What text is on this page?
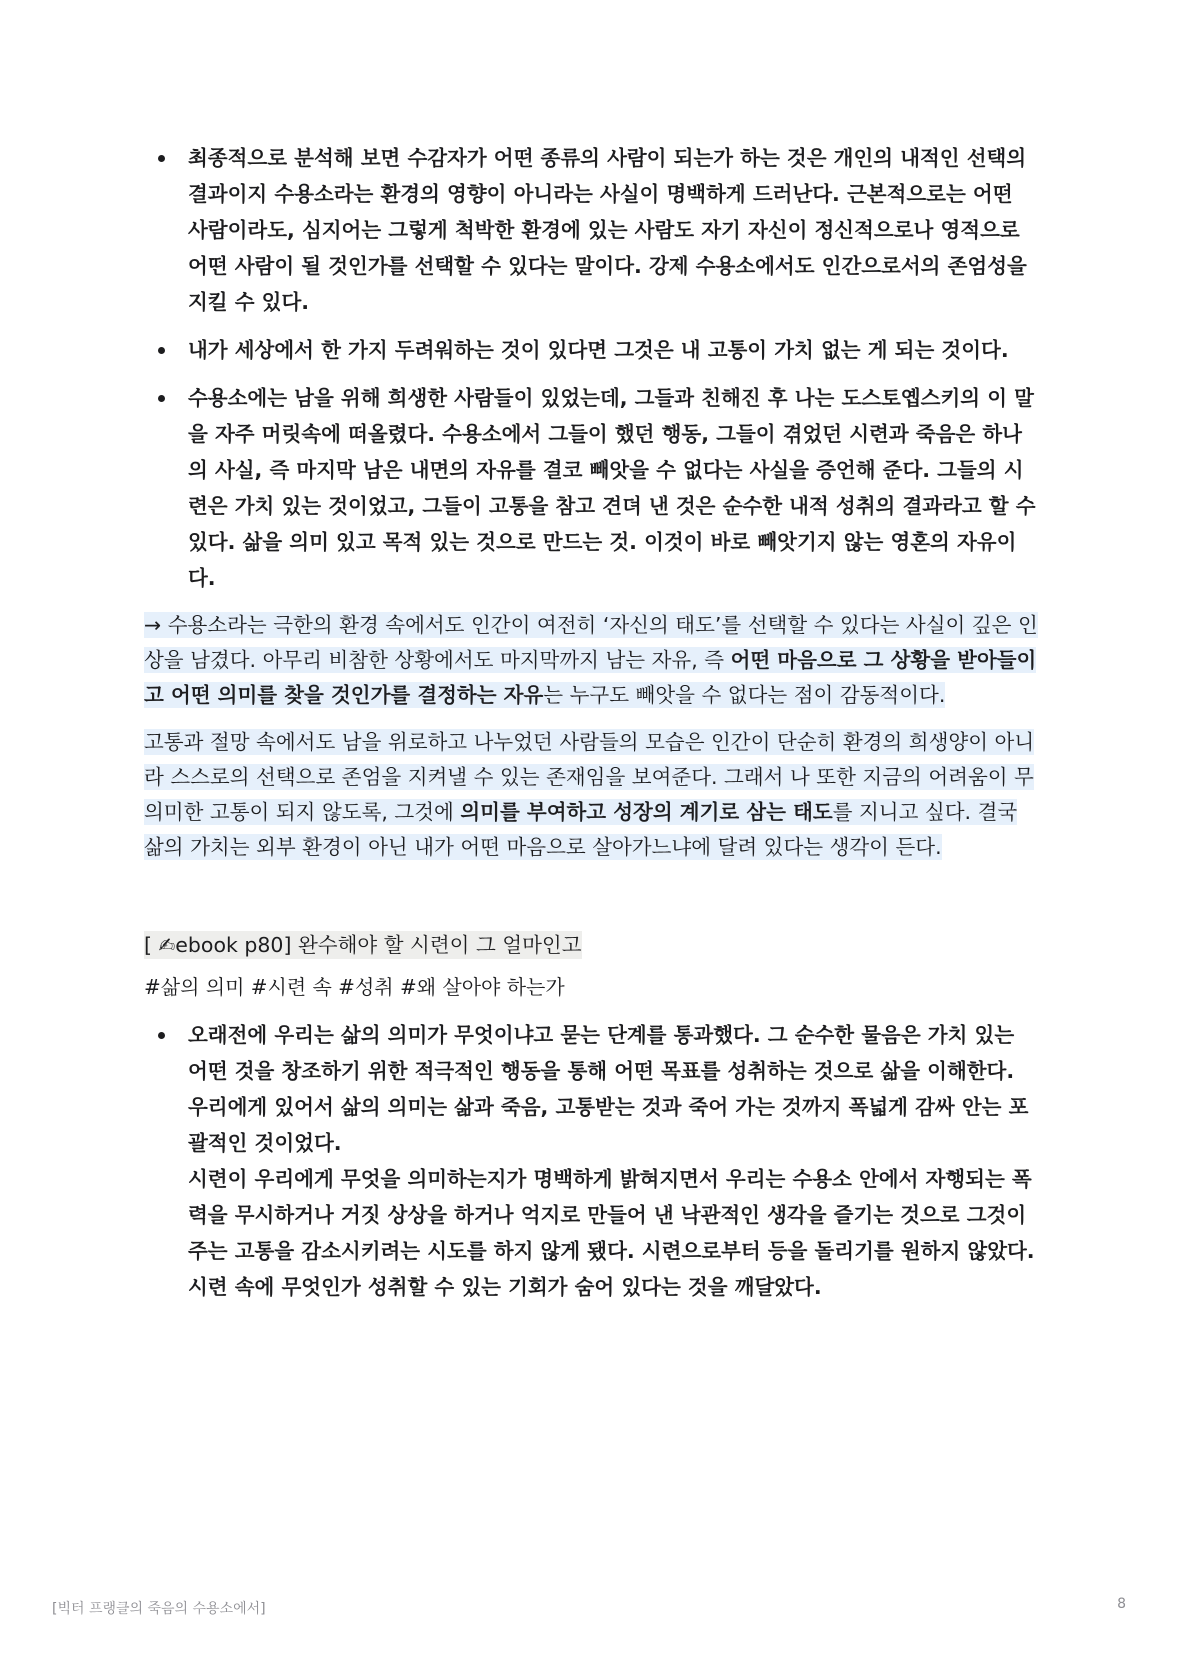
최종적으로 분석해 보면 수감자가 어떤 종류의 사람이 되는가 하는 것은 개인의 내적인 선택의 결과이지 수용소라는 환경의 영향이 아니라는 사실이 명백하게 드러난다. 근본적으로는 어떤 사람이라도, 심지어는 그렇게 척박한 환경에 있는 사람도 자기 자신이 정신적으로나 영적으로 어떤 사람이 될 것인가를 선택할 수 있다는 말이다. 강제 수용소에서도 인간으로서의 존엄성을 지킬 수 있다.

내가 세상에서 한 가지 두려워하는 것이 있다면 그것은 내 고통이 가치 없는 게 되는 것이다.

수용소에는 남을 위해 희생한 사람들이 있었는데, 그들과 친해진 후 나는 도스토옙스키의 이 말을 자주 머릿속에 떠올렸다. 수용소에서 그들이 했던 행동, 그들이 겪었던 시련과 죽음은 하나의 사실, 즉 마지막 남은 내면의 자유를 결코 빼앗을 수 없다는 사실을 증언해 준다. 그들의 시련은 가치 있는 것이었고, 그들이 고통을 참고 견뎌 낸 것은 순수한 내적 성취의 결과라고 할 수 있다. 삶을 의미 있고 목적 있는 것으로 만드는 것. 이것이 바로 빼앗기지 않는 영혼의 자유이다.

→ 수용소라는 극한의 환경 속에서도 인간이 여전히 ‘자신의 태도’를 선택할 수 있다는 사실이 깊은 인상을 남겼다. 아무리 비참한 상황에서도 마지막까지 남는 자유, 즉 어떤 마음으로 그 상황을 받아들이고 어떤 의미를 찾을 것인가를 결정하는 자유는 누구도 빼앗을 수 없다는 점이 감동적이다.

고통과 절망 속에서도 남을 위로하고 나누었던 사람들의 모습은 인간이 단순히 환경의 희생양이 아니라 스스로의 선택으로 존엄을 지켜낼 수 있는 존재임을 보여준다. 그래서 나 또한 지금의 어려움이 무의미한 고통이 되지 않도록, 그것에 의미를 부여하고 성장의 계기로 삼는 태도를 지니고 싶다. 결국 삶의 가치는 외부 환경이 아닌 내가 어떤 마음으로 살아가느냐에 달려 있다는 생각이 든다.

[ ✍ebook p80] 완수해야 할 시련이 그 얼마인고
#삶의 의미 #시련 속 #성취 #왜 살아야 하는가

오래전에 우리는 삶의 의미가 무엇이냐고 묻는 단계를 통과했다. 그 순수한 물음은 가치 있는 어떤 것을 창조하기 위한 적극적인 행동을 통해 어떤 목표를 성취하는 것으로 삶을 이해한다. 우리에게 있어서 삶의 의미는 삶과 죽음, 고통받는 것과 죽어 가는 것까지 폭넓게 감싸 안는 포괄적인 것이었다.

시련이 우리에게 무엇을 의미하는지가 명백하게 밝혀지면서 우리는 수용소 안에서 자행되는 폭력을 무시하거나 거짓 상상을 하거나 억지로 만들어 낸 낙관적인 생각을 즐기는 것으로 그것이 주는 고통을 감소시키려는 시도를 하지 않게 됐다. 시련으로부터 등을 돌리기를 원하지 않았다. 시련 속에 무엇인가 성취할 수 있는 기회가 숨어 있다는 것을 깨달았다.

[빅터 프랭클의 죽음의 수용소에서]	8
